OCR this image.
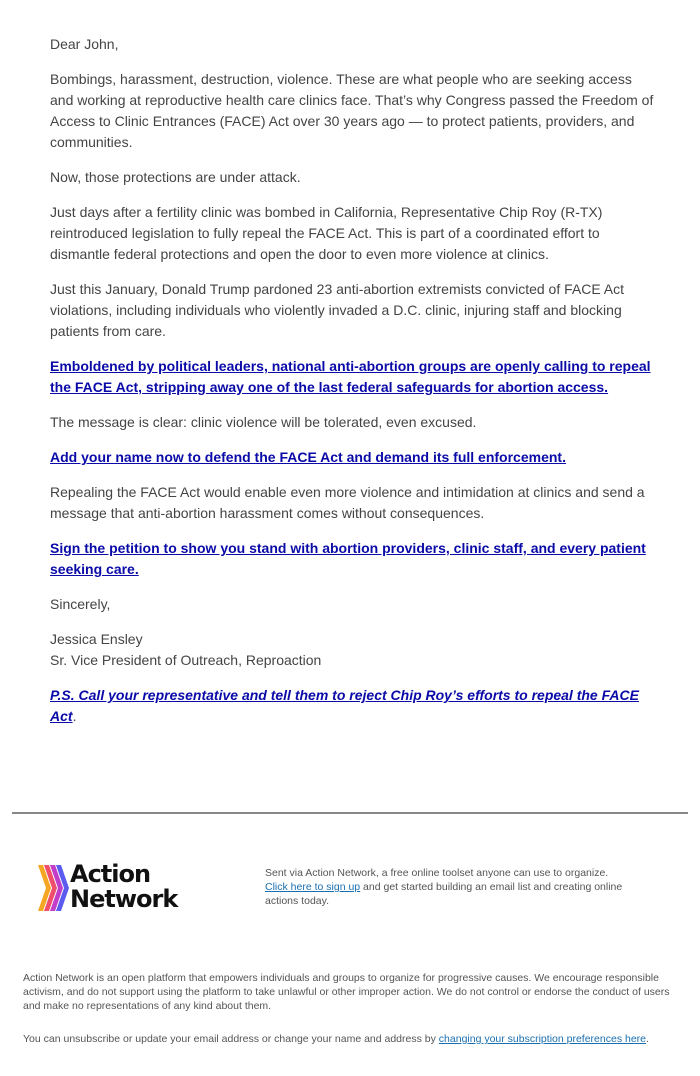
Dear John,

Bombings, harassment, destruction, violence. These are what people who are seeking access and working at reproductive health care clinics face. That’s why Congress passed the Freedom of Access to Clinic Entrances (FACE) Act over 30 years ago — to protect patients, providers, and communities.

Now, those protections are under attack.

Just days after a fertility clinic was bombed in California, Representative Chip Roy (R-TX) reintroduced legislation to fully repeal the FACE Act. This is part of a coordinated effort to dismantle federal protections and open the door to even more violence at clinics.

Just this January, Donald Trump pardoned 23 anti-abortion extremists convicted of FACE Act violations, including individuals who violently invaded a D.C. clinic, injuring staff and blocking patients from care.

Emboldened by political leaders, national anti-abortion groups are openly calling to repeal the FACE Act, stripping away one of the last federal safeguards for abortion access.

The message is clear: clinic violence will be tolerated, even excused.

Add your name now to defend the FACE Act and demand its full enforcement.

Repealing the FACE Act would enable even more violence and intimidation at clinics and send a message that anti-abortion harassment comes without consequences.

Sign the petition to show you stand with abortion providers, clinic staff, and every patient seeking care.

Sincerely,

Jessica Ensley
Sr. Vice President of Outreach, Reproaction

P.S. Call your representative and tell them to reject Chip Roy’s efforts to repeal the FACE Act.

Action
Network
Sent via Action Network, a free online toolset anyone can use to organize.
Click here to sign up and get started building an email list and creating online actions today.
Action Network is an open platform that empowers individuals and groups to organize for progressive causes. We encourage responsible activism, and do not support using the platform to take unlawful or other improper action. We do not control or endorse the conduct of users and make no representations of any kind about them.
You can unsubscribe or update your email address or change your name and address by changing your subscription preferences here.
